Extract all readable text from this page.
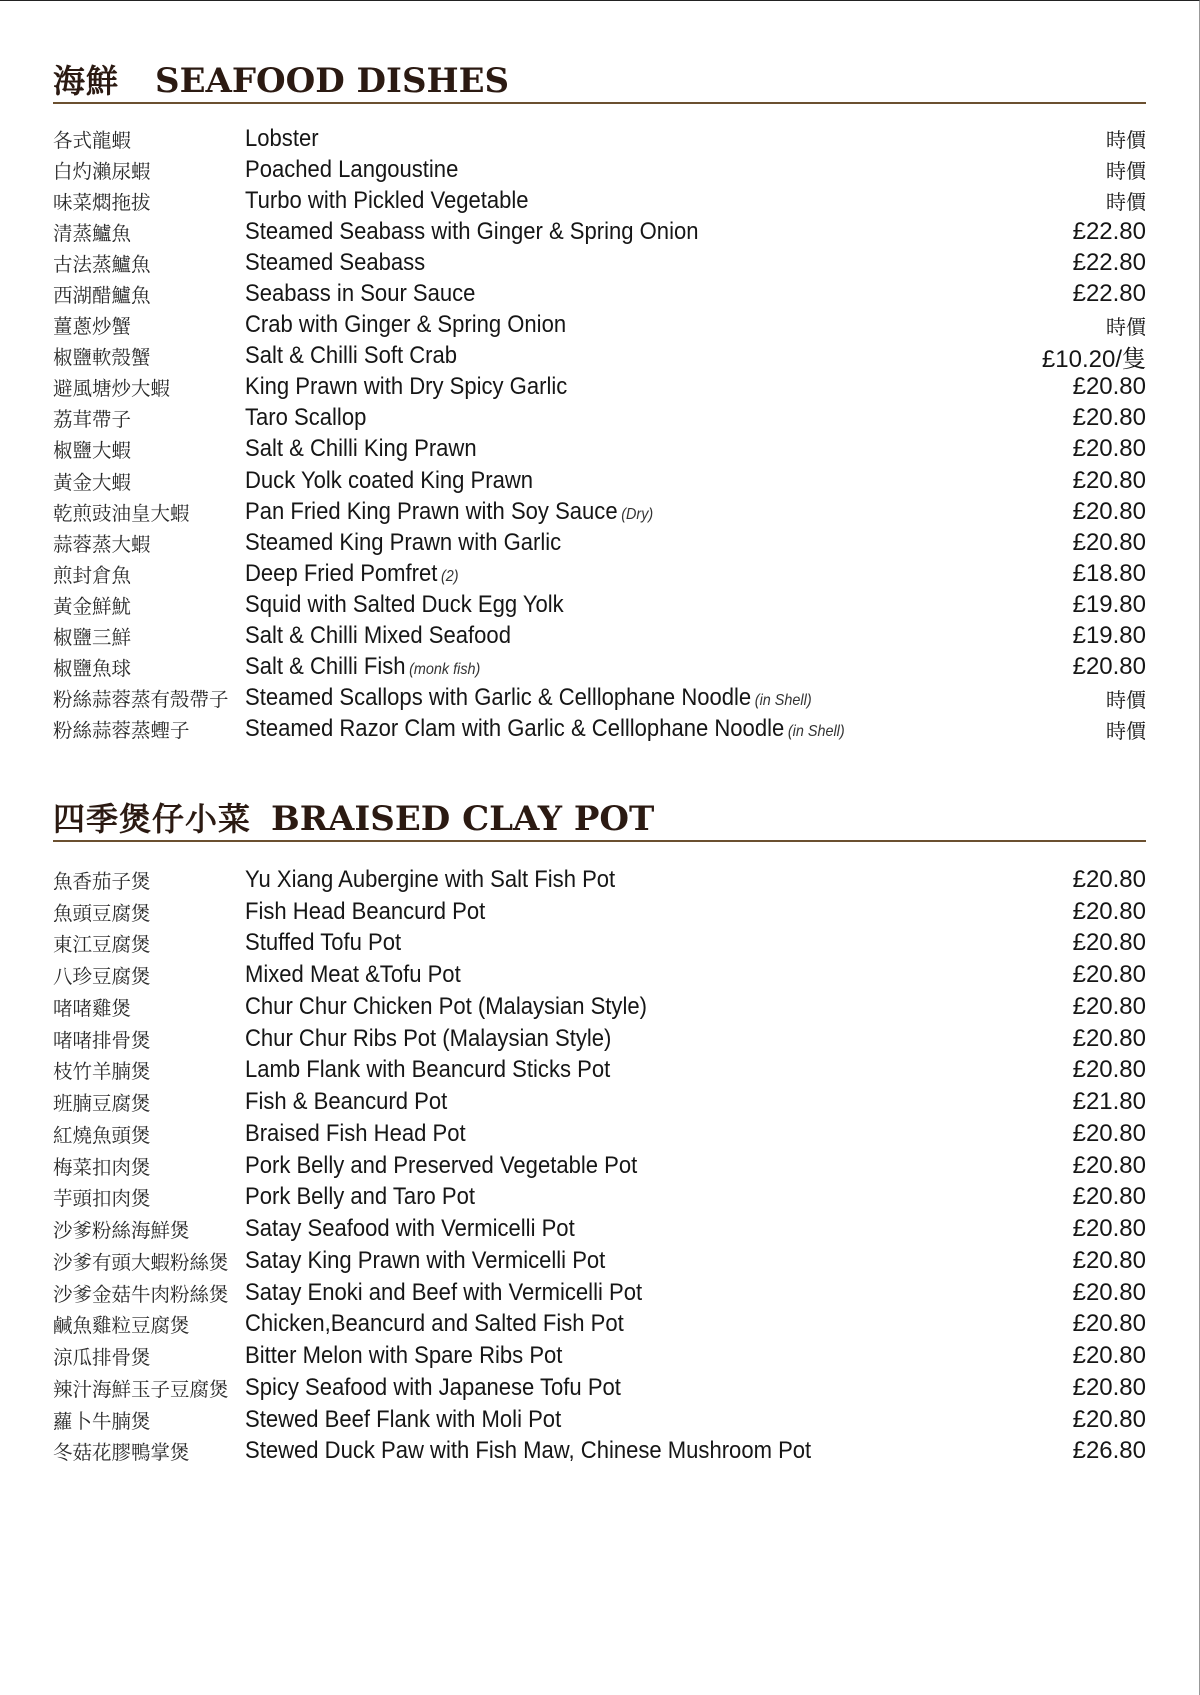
海鮮 SEAFOOD DISHES
各式龍蝦	Lobster	時價
白灼瀨尿蝦	Poached Langoustine	時價
味菜燜拖拔	Turbo with Pickled Vegetable	時價
清蒸鱸魚	Steamed Seabass with Ginger & Spring Onion	£22.80
古法蒸鱸魚	Steamed Seabass	£22.80
西湖醋鱸魚	Seabass in Sour Sauce	£22.80
薑蔥炒蟹	Crab with Ginger & Spring Onion	時價
椒鹽軟殼蟹	Salt & Chilli Soft Crab	£10.20/隻
避風塘炒大蝦	King Prawn with Dry Spicy Garlic	£20.80
荔茸帶子	Taro Scallop	£20.80
椒鹽大蝦	Salt & Chilli King Prawn	£20.80
黃金大蝦	Duck Yolk coated King Prawn	£20.80
乾煎豉油皇大蝦	Pan Fried King Prawn with Soy Sauce (Dry)	£20.80
蒜蓉蒸大蝦	Steamed King Prawn with Garlic	£20.80
煎封倉魚	Deep Fried Pomfret (2)	£18.80
黃金鮮魷	Squid with Salted Duck Egg Yolk	£19.80
椒鹽三鮮	Salt & Chilli Mixed Seafood	£19.80
椒鹽魚球	Salt & Chilli Fish (monk fish)	£20.80
粉絲蒜蓉蒸有殼帶子 Steamed Scallops with Garlic & Celllophane Noodle (in Shell)	時價
粉絲蒜蓉蒸蟶子	Steamed Razor Clam with Garlic & Celllophane Noodle (in Shell)	時價
四季煲仔小菜 BRAISED CLAY POT
魚香茄子煲	Yu Xiang Aubergine with Salt Fish Pot	£20.80
魚頭豆腐煲	Fish Head Beancurd Pot	£20.80
東江豆腐煲	Stuffed Tofu Pot	£20.80
八珍豆腐煲	Mixed Meat &Tofu Pot	£20.80
啫啫雞煲	Chur Chur Chicken Pot (Malaysian Style)	£20.80
啫啫排骨煲	Chur Chur Ribs Pot (Malaysian Style)	£20.80
枝竹羊腩煲	Lamb Flank with Beancurd Sticks Pot	£20.80
班腩豆腐煲	Fish & Beancurd Pot	£21.80
紅燒魚頭煲	Braised Fish Head Pot	£20.80
梅菜扣肉煲	Pork Belly and Preserved Vegetable Pot	£20.80
芋頭扣肉煲	Pork Belly and Taro Pot	£20.80
沙爹粉絲海鮮煲	Satay Seafood with Vermicelli Pot	£20.80
沙爹有頭大蝦粉絲煲 Satay King Prawn with Vermicelli Pot	£20.80
沙爹金菇牛肉粉絲煲 Satay Enoki and Beef with Vermicelli Pot	£20.80
鹹魚雞粒豆腐煲	Chicken,Beancurd and Salted Fish Pot	£20.80
涼瓜排骨煲	Bitter Melon with Spare Ribs Pot	£20.80
辣汁海鮮玉子豆腐煲 Spicy Seafood with Japanese Tofu Pot	£20.80
蘿卜牛腩煲	Stewed Beef Flank with Moli Pot	£20.80
冬菇花膠鴨掌煲	Stewed Duck Paw with Fish Maw, Chinese Mushroom Pot	£26.80
